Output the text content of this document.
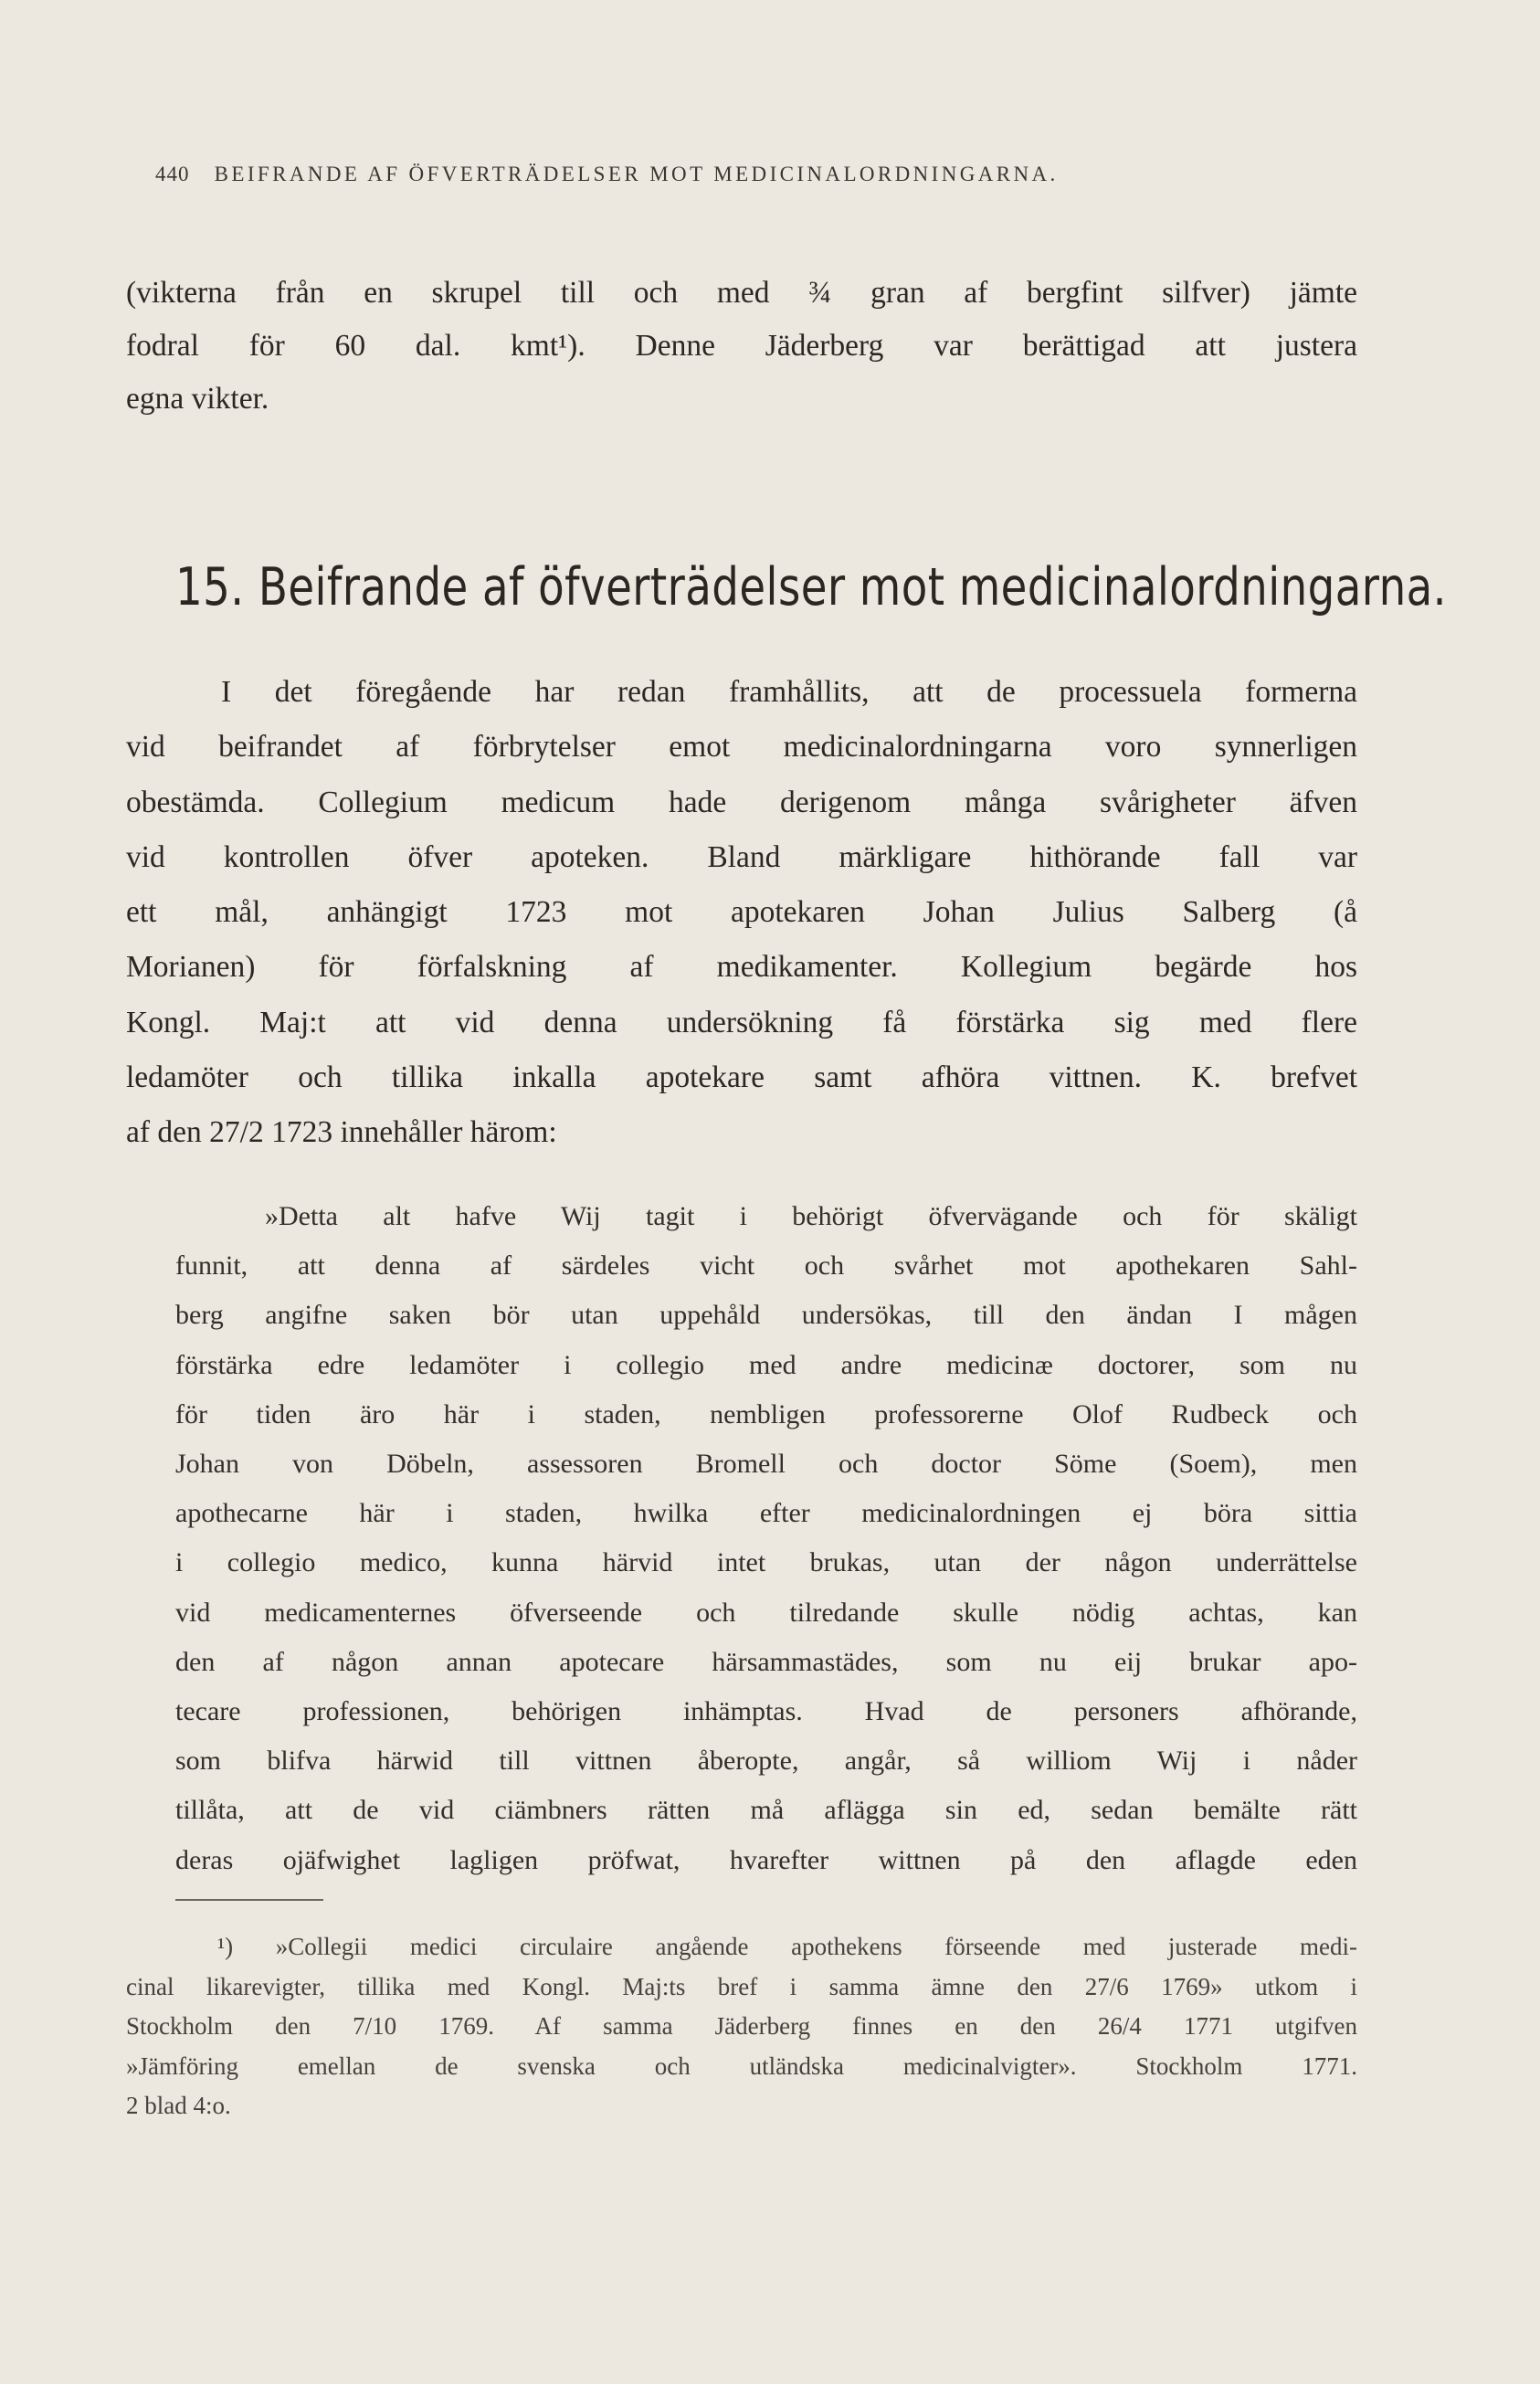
440 BEIFRANDE AF ÖFVERTRÄDELSER MOT MEDICINALORDNINGARNA.
(vikterna från en skrupel till och med ¾ gran af bergfint silfver) jämte
fodral för 60 dal. kmt¹). Denne Jäderberg var berättigad att justera
egna vikter.
15. Beifrande af öfverträdelser mot medicinalordningarna.
I det föregående har redan framhållits, att de processuela formerna
vid beifrandet af förbrytelser emot medicinalordningarna voro synnerligen
obestämda. Collegium medicum hade derigenom många svårigheter äfven
vid kontrollen öfver apoteken. Bland märkligare hithörande fall var
ett mål, anhängigt 1723 mot apotekaren Johan Julius Salberg (å
Morianen) för förfalskning af medikamenter. Kollegium begärde hos
Kongl. Maj:t att vid denna undersökning få förstärka sig med flere
ledamöter och tillika inkalla apotekare samt afhöra vittnen. K. brefvet
af den 27/2 1723 innehåller härom:
»Detta alt hafve Wij tagit i behörigt öfvervägande och för skäligt
funnit, att denna af särdeles vicht och svårhet mot apothekaren Sahl-
berg angifne saken bör utan uppehåld undersökas, till den ändan I mågen
förstärka edre ledamöter i collegio med andre medicinæ doctorer, som nu
för tiden äro här i staden, nembligen professorerne Olof Rudbeck och
Johan von Döbeln, assessoren Bromell och doctor Söme (Soem), men
apothecarne här i staden, hwilka efter medicinalordningen ej böra sittia
i collegio medico, kunna härvid intet brukas, utan der någon underrättelse
vid medicamenternes öfverseende och tilredande skulle nödig achtas, kan
den af någon annan apotecare härsammastädes, som nu eij brukar apo-
tecare professionen, behörigen inhämptas. Hvad de personers afhörande,
som blifva härwid till vittnen åberopte, angår, så williom Wij i nåder
tillåta, att de vid ciämbners rätten må aflägga sin ed, sedan bemälte rätt
deras ojäfwighet lagligen pröfwat, hvarefter wittnen på den aflagde eden
¹) »Collegii medici circulaire angående apothekens förseende med justerade medi-
cinal likarevigter, tillika med Kongl. Maj:ts bref i samma ämne den 27/6 1769» utkom i
Stockholm den 7/10 1769. Af samma Jäderberg finnes en den 26/4 1771 utgifven
»Jämföring emellan de svenska och utländska medicinalvigter». Stockholm 1771.
2 blad 4:o.
